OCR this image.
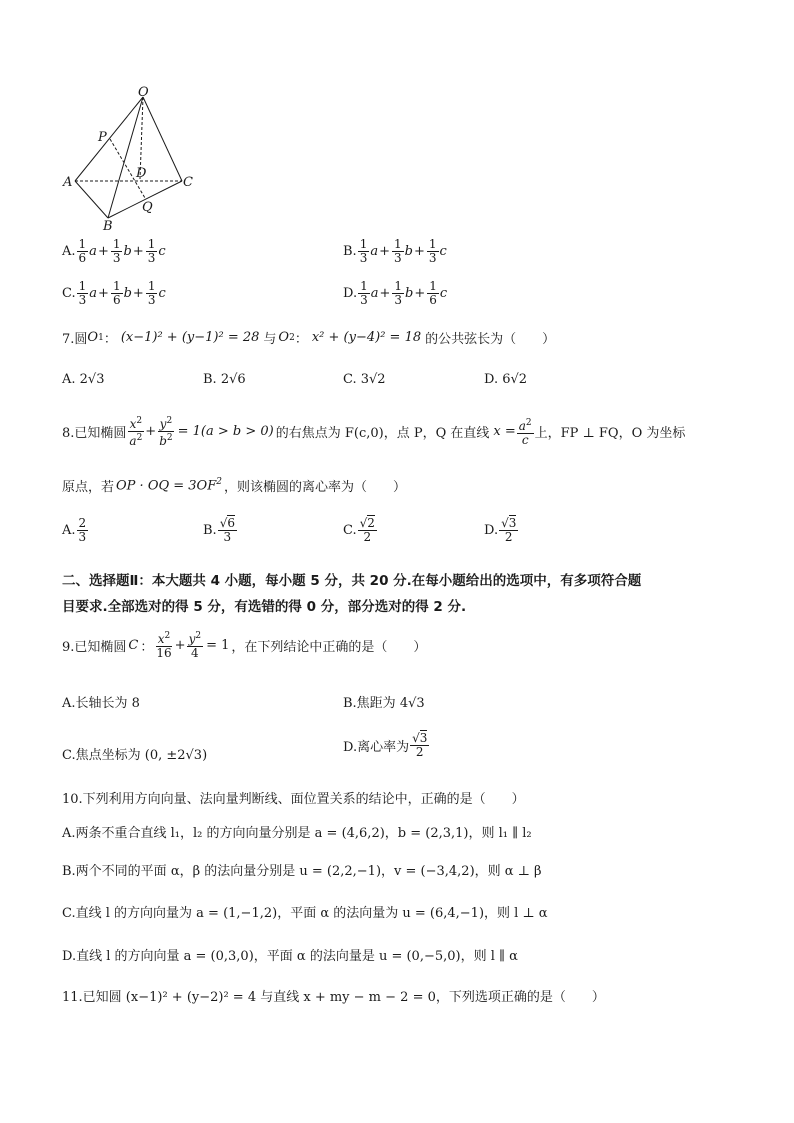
O
P
A
D
C
B
Q
A. $\frac{1}{6}$ $a + \frac{1}{3}$ $b + \frac{1}{3}$ c	B. $\frac{1}{3}$ $a + \frac{1}{3}$ $b + \frac{1}{3}$ c
C. $\frac{1}{3}$ $a + \frac{1}{6}$ $b + \frac{1}{3}$ c	D. $\frac{1}{3}$ $a + \frac{1}{3}$ $b + \frac{1}{6}$ c
7.圆 O 1 ： (x−1)² + (y−1)² = 28 与 O 2 ： x² + (y−4)² = 18 的公共弦长为（　　）
A. 2√3	B. 2√6	C. 3√2	D. 6√2
8.已知椭圆 $\frac{x^2}{a^2} + \frac{y^2}{b^2} = 1(a > b > 0)$ 的右焦点为 F(c,0)，点 P，Q 在直线 $x = \frac{a^2}{c}$ 上，FP ⊥ FQ，O 为坐标
原点，若 OP · OQ = $3OF^2$ ，则该椭圆的离心率为（　　）
A. $\frac{2}{3}$	B. $\frac{√6}{3}$	C. $\frac{√2}{2}$	D. $\frac{√3}{2}$
二、选择题Ⅱ：本大题共 4 小题，每小题 5 分，共 20 分.在每小题给出的选项中，有多项符合题
目要求.全部选对的得 5 分，有选错的得 0 分，部分选对的得 2 分.
9.已知椭圆 C ： $\frac{x^2}{16} + \frac{y^2}{4} = 1$ ，在下列结论中正确的是（　　）
A.长轴长为 8	B.焦距为 4√3
C.焦点坐标为 (0, ±2√3)
D.离心率为 $\frac{√3}{2}$
10.下列利用方向向量、法向量判断线、面位置关系的结论中，正确的是（　　）
A.两条不重合直线 l₁，l₂ 的方向向量分别是 a = (4,6,2)，b = (2,3,1)，则 l₁ ∥ l₂
B.两个不同的平面 α，β 的法向量分别是 u = (2,2,−1)，v = (−3,4,2)，则 α ⊥ β
C.直线 l 的方向向量为 a = (1,−1,2)，平面 α 的法向量为 u = (6,4,−1)，则 l ⊥ α
D.直线 l 的方向向量 a = (0,3,0)，平面 α 的法向量是 u = (0,−5,0)，则 l ∥ α
11.已知圆 (x−1)² + (y−2)² = 4 与直线 x + my − m − 2 = 0，下列选项正确的是（　　）
